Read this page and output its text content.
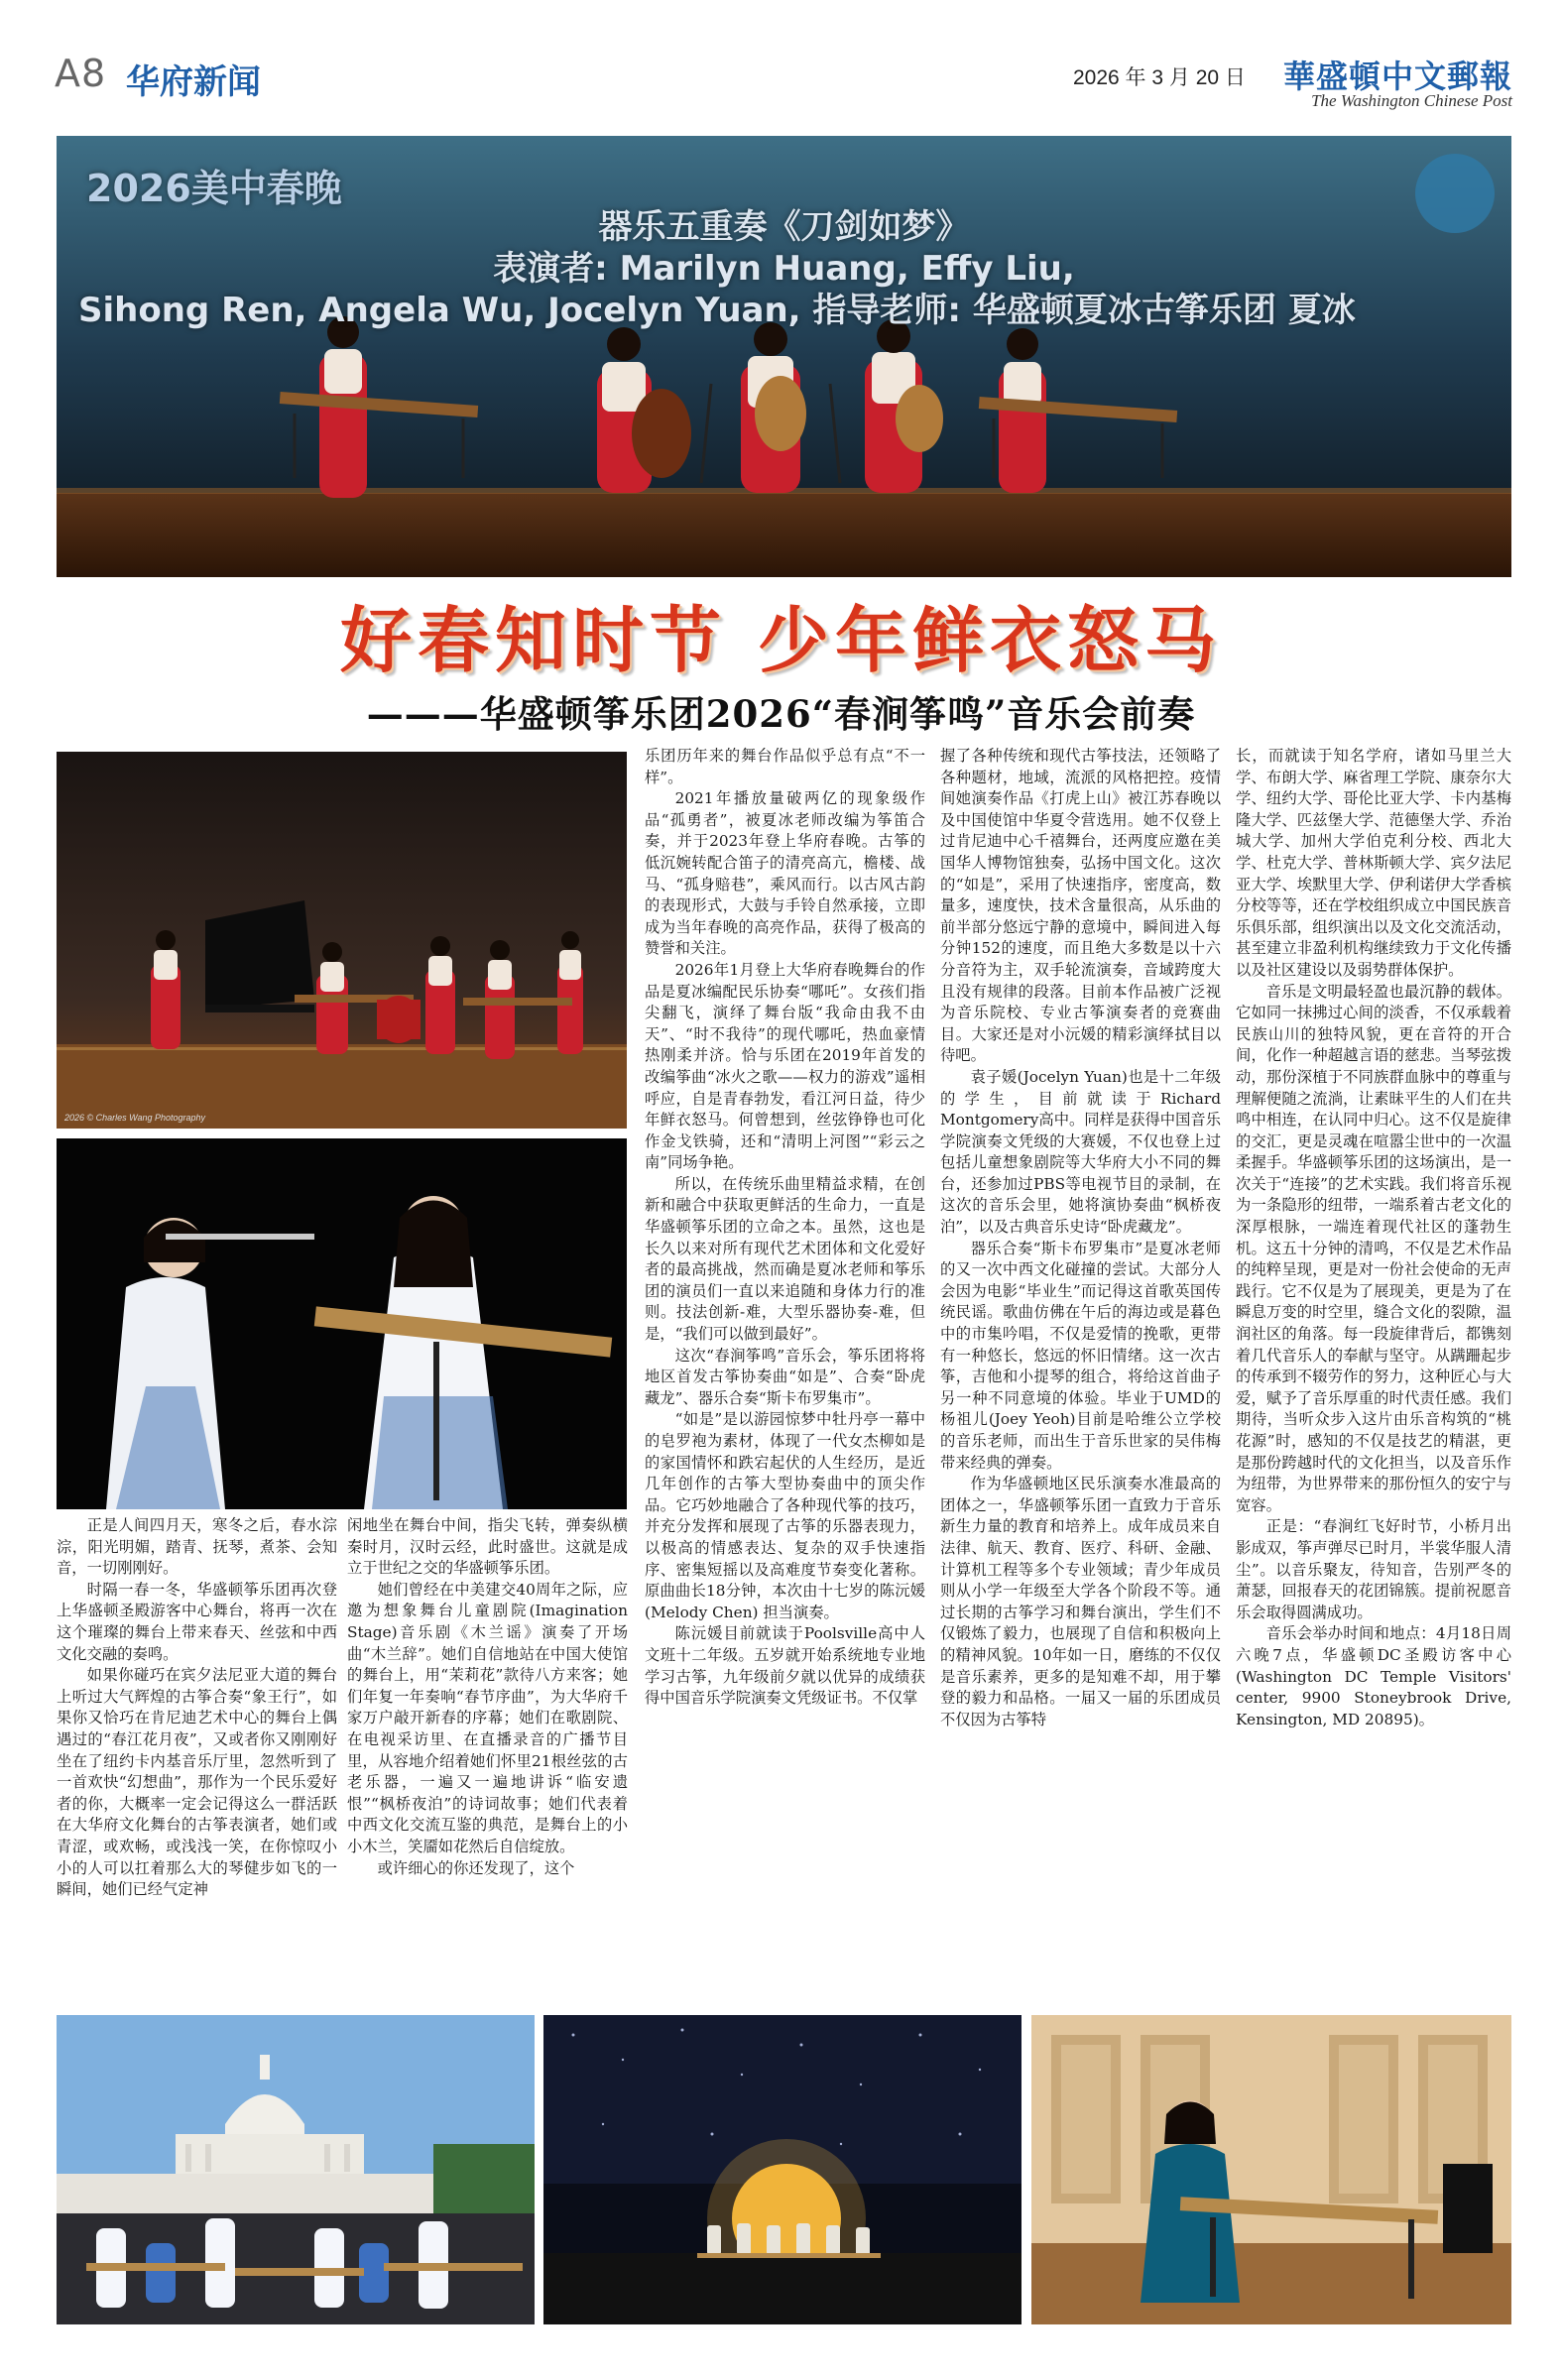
A8 华府新闻	2026 年 3 月 20 日 華盛頓中文郵報
The Washington Chinese Post
2026美中春晚
器乐五重奏《刀剑如梦》
表演者: Marilyn Huang, Effy Liu,
Sihong Ren, Angela Wu, Jocelyn Yuan, 指导老师: 华盛顿夏冰古筝乐团 夏冰
好春知时节 少年鲜衣怒马
———华盛顿筝乐团2026“春涧筝鸣”音乐会前奏
2026 © Charles Wang Photography

正是人间四月天，寒冬之后，春水淙淙，阳光明媚，踏青、抚琴，煮茶、会知音，一切刚刚好。

时隔一春一冬，华盛顿筝乐团再次登上华盛顿圣殿游客中心舞台，将再一次在这个璀璨的舞台上带来春天、丝弦和中西文化交融的奏鸣。

如果你碰巧在宾夕法尼亚大道的舞台上听过大气辉煌的古筝合奏“象王行”，如果你又恰巧在肯尼迪艺术中心的舞台上偶遇过的“春江花月夜”，又或者你又刚刚好坐在了纽约卡内基音乐厅里，忽然听到了一首欢快“幻想曲”，那作为一个民乐爱好者的你，大概率一定会记得这么一群活跃在大华府文化舞台的古筝表演者，她们或青涩，或欢畅，或浅浅一笑，在你惊叹小小的人可以扛着那么大的琴健步如飞的一瞬间，她们已经气定神

闲地坐在舞台中间，指尖飞转，弹奏纵横秦时月，汉时云经，此时盛世。这就是成立于世纪之交的华盛顿筝乐团。

她们曾经在中美建交40周年之际，应邀为想象舞台儿童剧院(Imagination Stage)音乐剧《木兰谣》演奏了开场曲“木兰辞”。她们自信地站在中国大使馆的舞台上，用“茉莉花”款待八方来客；她们年复一年奏响“春节序曲”，为大华府千家万户敲开新春的序幕；她们在歌剧院、在电视采访里、在直播录音的广播节目里，从容地介绍着她们怀里21根丝弦的古老乐器，一遍又一遍地讲诉“临安遗恨”“枫桥夜泊”的诗词故事；她们代表着中西文化交流互鉴的典范，是舞台上的小小木兰，笑靥如花然后自信绽放。

或许细心的你还发现了，这个

乐团历年来的舞台作品似乎总有点“不一样”。

2021年播放量破两亿的现象级作品“孤勇者”，被夏冰老师改编为筝笛合奏，并于2023年登上华府春晚。古筝的低沉婉转配合笛子的清亮高亢，檐楼、战马、“孤身赔巷”，乘风而行。以古风古韵的表现形式，大鼓与手铃自然承接，立即成为当年春晚的高亮作品，获得了极高的赞誉和关注。

2026年1月登上大华府春晚舞台的作品是夏冰编配民乐协奏“哪吒”。女孩们指尖翻飞，演绎了舞台版“我命由我不由天”、“时不我待”的现代哪吒，热血豪情热刚柔并济。恰与乐团在2019年首发的改编筝曲“冰火之歌——权力的游戏”遥相呼应，自是青春勃发，看江河日益，待少年鲜衣怒马。何曾想到，丝弦铮铮也可化作金戈铁骑，还和“清明上河图”“彩云之南”同场争艳。

所以，在传统乐曲里精益求精，在创新和融合中获取更鲜活的生命力，一直是华盛顿筝乐团的立命之本。虽然，这也是长久以来对所有现代艺术团体和文化爱好者的最高挑战，然而确是夏冰老师和筝乐团的演员们一直以来追随和身体力行的准则。技法创新-难，大型乐器协奏-难，但是，“我们可以做到最好”。

这次“春涧筝鸣”音乐会，筝乐团将将地区首发古筝协奏曲“如是”、合奏“卧虎藏龙”、器乐合奏“斯卡布罗集市”。

“如是”是以游园惊梦中牡丹亭一幕中的皂罗袍为素材，体现了一代女杰柳如是的家国情怀和跌宕起伏的人生经历，是近几年创作的古筝大型协奏曲中的顶尖作品。它巧妙地融合了各种现代筝的技巧，并充分发挥和展现了古筝的乐器表现力，以极高的情感表达、复杂的双手快速指序、密集短摇以及高难度节奏变化著称。原曲曲长18分钟，本次由十七岁的陈沅媛(Melody Chen) 担当演奏。

陈沅媛目前就读于Poolsville高中人文班十二年级。五岁就开始系统地专业地学习古筝，九年级前夕就以优异的成绩获得中国音乐学院演奏文凭级证书。不仅掌

握了各种传统和现代古筝技法，还领略了各种题材，地域，流派的风格把控。疫情间她演奏作品《打虎上山》被江苏春晚以及中国使馆中华夏令营选用。她不仅登上过肯尼迪中心千禧舞台，还两度应邀在美国华人博物馆独奏，弘扬中国文化。这次的“如是”，采用了快速指序，密度高，数量多，速度快，技术含量很高，从乐曲的前半部分悠远宁静的意境中，瞬间进入每分钟152的速度，而且绝大多数是以十六分音符为主，双手轮流演奏，音域跨度大且没有规律的段落。目前本作品被广泛视为音乐院校、专业古筝演奏者的竞赛曲目。大家还是对小沅媛的精彩演绎拭目以待吧。

袁子媛(Jocelyn Yuan)也是十二年级的学生，目前就读于Richard Montgomery高中。同样是获得中国音乐学院演奏文凭级的大赛媛，不仅也登上过包括儿童想象剧院等大华府大小不同的舞台，还参加过PBS等电视节目的录制，在这次的音乐会里，她将演协奏曲“枫桥夜泊”，以及古典音乐史诗“卧虎藏龙”。

器乐合奏“斯卡布罗集市”是夏冰老师的又一次中西文化碰撞的尝试。大部分人会因为电影“毕业生”而记得这首歌英国传统民谣。歌曲仿佛在午后的海边或是暮色中的市集吟唱，不仅是爱情的挽歌，更带有一种悠长，悠远的怀旧情绪。这一次古筝，吉他和小提琴的组合，将给这首曲子另一种不同意境的体验。毕业于UMD的杨祖儿(Joey Yeoh)目前是哈维公立学校的音乐老师，而出生于音乐世家的吴伟梅带来经典的弹奏。

作为华盛顿地区民乐演奏水准最高的团体之一，华盛顿筝乐团一直致力于音乐新生力量的教育和培养上。成年成员来自法律、航天、教育、医疗、科研、金融、计算机工程等多个专业领域；青少年成员则从小学一年级至大学各个阶段不等。通过长期的古筝学习和舞台演出，学生们不仅锻炼了毅力，也展现了自信和积极向上的精神风貌。10年如一日，磨练的不仅仅是音乐素养，更多的是知难不却，用于攀登的毅力和品格。一届又一届的乐团成员不仅因为古筝特

长，而就读于知名学府，诸如马里兰大学、布朗大学、麻省理工学院、康奈尔大学、纽约大学、哥伦比亚大学、卡内基梅隆大学、匹兹堡大学、范德堡大学、乔治城大学、加州大学伯克利分校、西北大学、杜克大学、普林斯顿大学、宾夕法尼亚大学、埃默里大学、伊利诺伊大学香槟分校等等，还在学校组织成立中国民族音乐俱乐部，组织演出以及文化交流活动，甚至建立非盈利机构继续致力于文化传播以及社区建设以及弱势群体保护。

音乐是文明最轻盈也最沉静的载体。它如同一抹拂过心间的淡香，不仅承载着民族山川的独特风貌，更在音符的开合间，化作一种超越言语的慈悲。当琴弦拨动，那份深植于不同族群血脉中的尊重与理解便随之流淌，让素昧平生的人们在共鸣中相连，在认同中归心。这不仅是旋律的交汇，更是灵魂在喧嚣尘世中的一次温柔握手。华盛顿筝乐团的这场演出，是一次关于“连接”的艺术实践。我们将音乐视为一条隐形的纽带，一端系着古老文化的深厚根脉，一端连着现代社区的蓬勃生机。这五十分钟的清鸣，不仅是艺术作品的纯粹呈现，更是对一份社会使命的无声践行。它不仅是为了展现美，更是为了在瞬息万变的时空里，缝合文化的裂隙，温润社区的角落。每一段旋律背后，都镌刻着几代音乐人的奉献与坚守。从蹒跚起步的传承到不辍劳作的努力，这种匠心与大爱，赋予了音乐厚重的时代责任感。我们期待，当听众步入这片由乐音构筑的“桃花源”时，感知的不仅是技艺的精湛，更是那份跨越时代的文化担当，以及音乐作为纽带，为世界带来的那份恒久的安宁与宽容。

正是：“春涧红飞好时节，小桥月出影成双，筝声弹尽已时月，半裳华服人清尘”。以音乐聚友，待知音，告别严冬的萧瑟，回报春天的花团锦簇。提前祝愿音乐会取得圆满成功。

音乐会举办时间和地点：4月18日周六晚7点，华盛顿DC圣殿访客中心(Washington DC Temple Visitors' center, 9900 Stoneybrook Drive, Kensington, MD 20895)。
